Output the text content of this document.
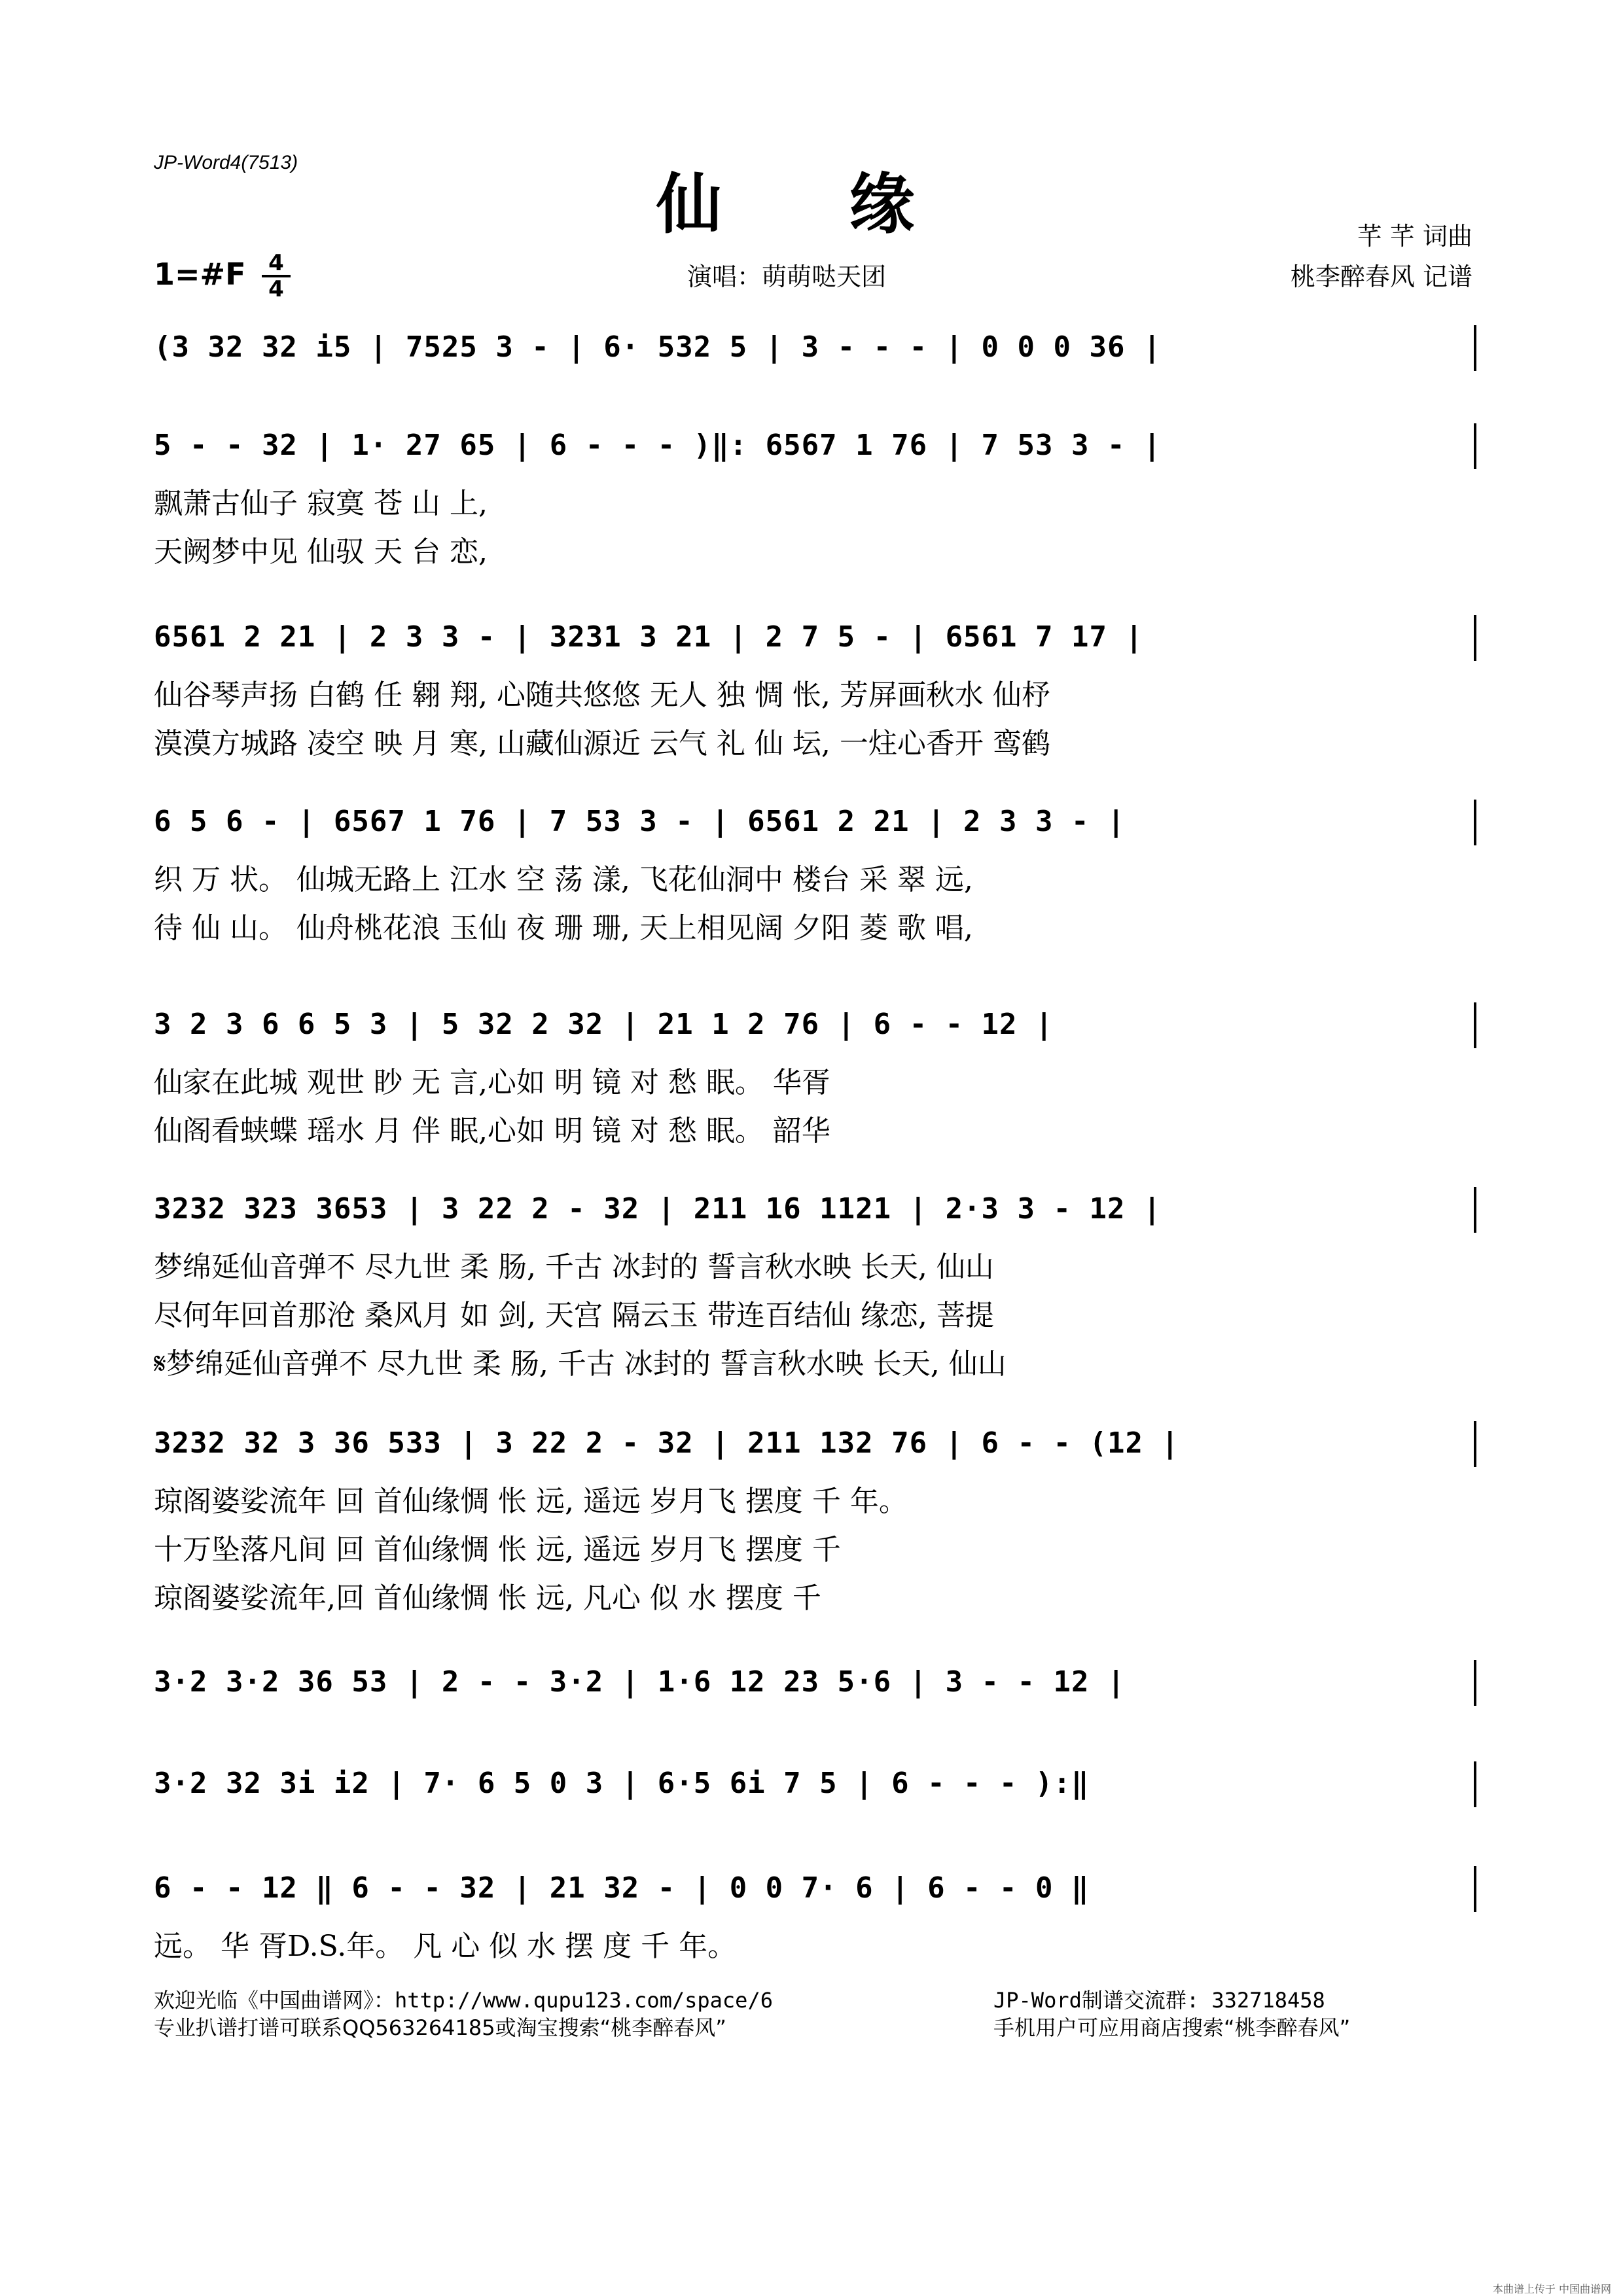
JP-Word4(7513)
仙 缘
1=#F 4
4	演唱：萌萌哒天团
芊 芊 词曲
桃李醉春风 记谱
(3 32 32 i5 | 7525 3 - | 6· 532 5 | 3 - - - | 0 0 0 36 |
5 - - 32 | 1· 27 65 | 6 - - - )‖: 6567 1 76 | 7 53 3 - |
飘萧古仙子 寂寞 苍 山 上,
天阙梦中见 仙驭 天 台 恋,
6561 2 21 | 2 3 3 - | 3231 3 21 | 2 7 5 - | 6561 7 17 |
仙谷琴声扬 白鹤 任 翱 翔, 心随共悠悠 无人 独 惆 怅, 芳屏画秋水 仙杼
漠漠方城路 凌空 映 月 寒, 山藏仙源近 云气 礼 仙 坛, 一炷心香开 鸾鹤
6 5 6 - | 6567 1 76 | 7 53 3 - | 6561 2 21 | 2 3 3 - |
织 万 状。 仙城无路上 江水 空 荡 漾, 飞花仙洞中 楼台 采 翠 远,
待 仙 山。 仙舟桃花浪 玉仙 夜 珊 珊, 天上相见阔 夕阳 菱 歌 唱,
3 2 3 6 6 5 3 | 5 32 2 32 | 21 1 2 76 | 6 - - 12 |
仙家在此城 观世 眇 无 言,心如 明 镜 对 愁 眠。 华胥
仙阁看蛱蝶 瑶水 月 伴 眠,心如 明 镜 对 愁 眠。 韶华
3232 323 3653 | 3 22 2 - 32 | 211 16 1121 | 2·3 3 - 12 |
梦绵延仙音弹不 尽九世 柔 肠, 千古 冰封的 誓言秋水映 长天, 仙山
尽何年回首那沧 桑风月 如 剑, 天宫 隔云玉 带连百结仙 缘恋, 菩提
𝄋梦绵延仙音弹不 尽九世 柔 肠, 千古 冰封的 誓言秋水映 长天, 仙山
3232 32 3 36 533 | 3 22 2 - 32 | 211 132 76 | 6 - - (12 |
琼阁婆娑流年 回 首仙缘惆 怅 远, 遥远 岁月飞 摆度 千 年。
十万坠落凡间 回 首仙缘惆 怅 远, 遥远 岁月飞 摆度 千
琼阁婆娑流年,回 首仙缘惆 怅 远, 凡心 似 水 摆度 千
3·2 3·2 36 53 | 2 - - 3·2 | 1·6 12 23 5·6 | 3 - - 12 |
3·2 32 3i i2 | 7· 6 5 0 3 | 6·5 6i 7 5 | 6 - - - ):‖
6 - - 12 ‖ 6 - - 32 | 21 32 - | 0 0 7· 6 | 6 - - 0 ‖
远。 华 胥D.S.年。 凡 心 似 水 摆 度 千 年。
欢迎光临《中国曲谱网》：http://www.qupu123.com/space/6
专业扒谱打谱可联系QQ563264185或淘宝搜索“桃李醉春风”
JP-Word制谱交流群: 332718458
手机用户可应用商店搜索“桃李醉春风”
本曲谱上传于 中国曲谱网
